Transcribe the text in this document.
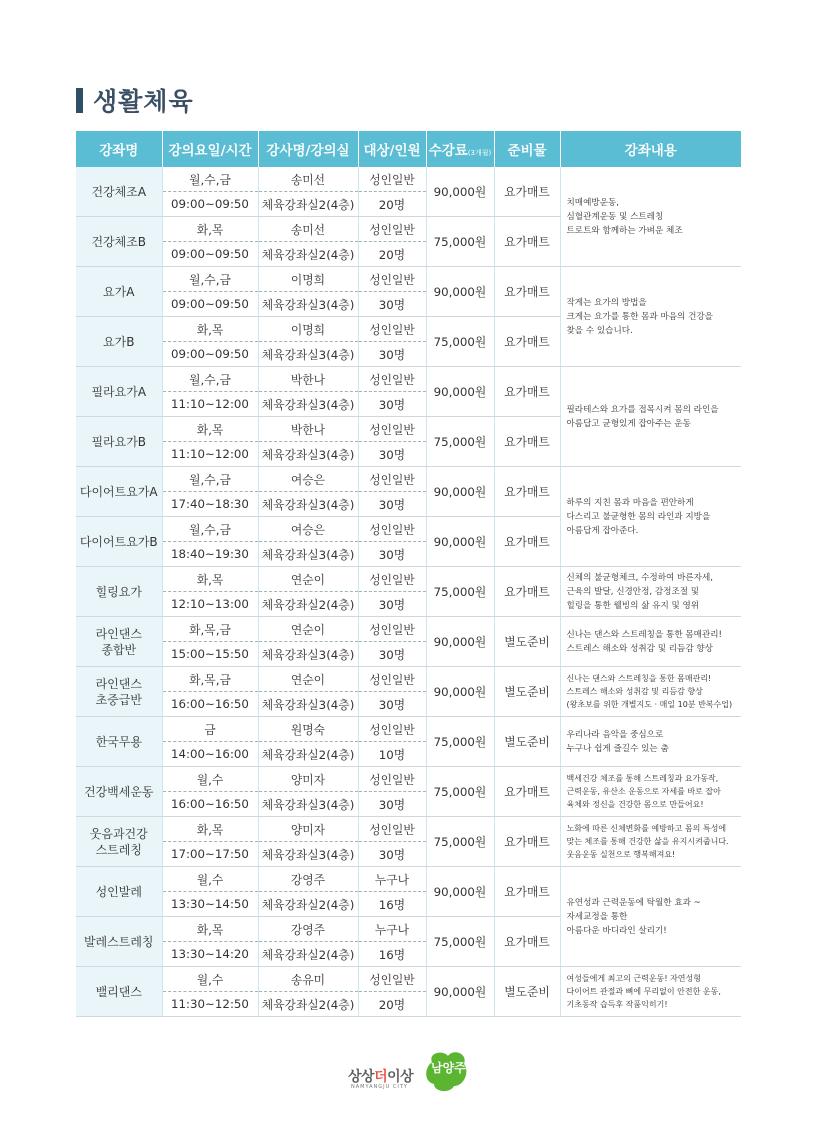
생활체육
강좌명	강의요일/시간	강사명/강의실	대상/인원	수강료(3개월)	준비물	강좌내용
건강체조A	월,수,금	송미선	성인일반	90,000원	요가매트	치매예방운동,
심혈관계운동 및 스트레칭
트로트와 함께하는 가벼운 체조
	09:00~09:50	체육강좌실2(4층)	20명			
건강체조B	화,목	송미선	성인일반	75,000원	요가매트	
	09:00~09:50	체육강좌실2(4층)	20명			
요가A	월,수,금	이명희	성인일반	90,000원	요가매트	작게는 요가의 방법을
크게는 요가를 통한 몸과 마음의 건강을
찾을 수 있습니다.
	09:00~09:50	체육강좌실3(4층)	30명			
요가B	화,목	이명희	성인일반	75,000원	요가매트	
	09:00~09:50	체육강좌실3(4층)	30명			
필라요가A	월,수,금	박한나	성인일반	90,000원	요가매트	필라테스와 요가를 접목시켜 몸의 라인을
아름답고 균형있게 잡아주는 운동
	11:10~12:00	체육강좌실3(4층)	30명			
필라요가B	화,목	박한나	성인일반	75,000원	요가매트	
	11:10~12:00	체육강좌실3(4층)	30명			
다이어트요가A	월,수,금	여승은	성인일반	90,000원	요가매트	하루의 지친 몸과 마음을 편안하게
다스리고 불균형한 몸의 라인과 지방을
아름답게 잡아준다.
	17:40~18:30	체육강좌실3(4층)	30명			
다이어트요가B	월,수,금	여승은	성인일반	90,000원	요가매트	
	18:40~19:30	체육강좌실3(4층)	30명			
힐링요가	화,목	연순이	성인일반	75,000원	요가매트	신체의 불균형체크, 수정하여 바른자세,
근육의 발달, 신경안정, 감정조절 및
힐링을 통한 웰빙의 삶 유지 및 영위
	12:10~13:00	체육강좌실2(4층)	30명			
라인댄스
종합반	화,목,금	연순이	성인일반	90,000원	별도준비	신나는 댄스와 스트레칭을 통한 몸매관리!
스트레스 해소와 성취감 및 리듬감 향상
	15:00~15:50	체육강좌실3(4층)	30명			
라인댄스
초중급반	화,목,금	연순이	성인일반	90,000원	별도준비	신나는 댄스와 스트레칭을 통한 몸매관리!
스트레스 해소와 성취감 및 리듬감 향상
(왕초보를 위한 개별지도 · 매일 10분 반복수업)
	16:00~16:50	체육강좌실3(4층)	30명			
한국무용	금	원명숙	성인일반	75,000원	별도준비	우리나라 음악을 중심으로
누구나 쉽게 즐길수 있는 춤
	14:00~16:00	체육강좌실2(4층)	10명			
건강백세운동	월,수	양미자	성인일반	75,000원	요가매트	백세건강 체조를 통해 스트레칭과 요가동작,
근력운동, 유산소 운동으로 자세를 바로 잡아
육체와 정신을 건강한 몸으로 만들어요!
	16:00~16:50	체육강좌실3(4층)	30명			
웃음과건강
스트레칭	화,목	양미자	성인일반	75,000원	요가매트	노화에 따른 신체변화를 예방하고 몸의 특성에
맞는 체조를 통해 건강한 삶을 유지시켜줍니다.
웃음운동 실천으로 행복해져요!
	17:00~17:50	체육강좌실3(4층)	30명			
성인발레	월,수	강영주	누구나	90,000원	요가매트	유연성과 근력운동에 탁월한 효과 ~
자세교정을 통한
아름다운 바디라인 살리기!
	13:30~14:50	체육강좌실2(4층)	16명			
발레스트레칭	화,목	강영주	누구나	75,000원	요가매트	
	13:30~14:20	체육강좌실2(4층)	16명			
밸리댄스	월,수	송유미	성인일반	90,000원	별도준비	여성들에게 최고의 근력운동! 자연성형
다이어트 관절과 뼈에 무리없이 안전한 운동,
기초동작 습득후 작품익히기!
	11:30~12:50	체육강좌실2(4층)	20명			
상상더이상
NAMYANGJU CITY
남양주
